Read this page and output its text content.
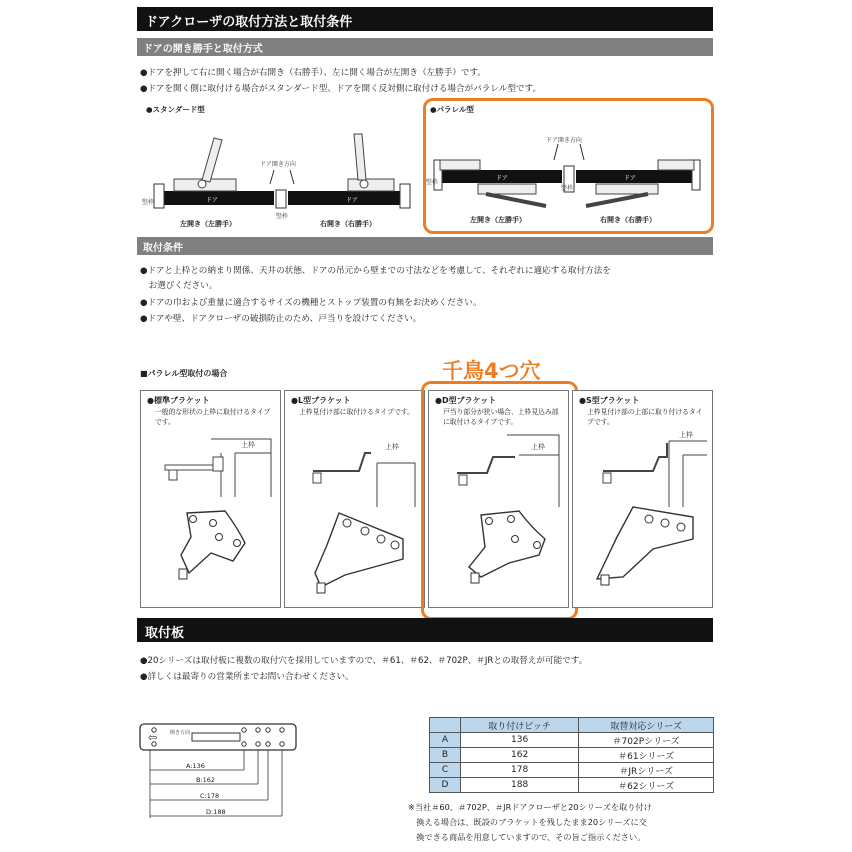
ドアクローザの取付方法と取付条件
ドアの開き勝手と取付方式
●ドアを押して右に開く場合が右開き（右勝手）、左に開く場合が左開き（左勝手）です。
●ドアを開く側に取付ける場合がスタンダード型、ドアを開く反対側に取付ける場合がパラレル型です。
●スタンダード型
ドア開き方向
ドア	ドア
竪枠
竪枠
左開き（左勝手）	右開き（右勝手）
●パラレル型
ドア開き方向
ドア	ドア
竪枠
竪枠
左開き（左勝手）	右開き（右勝手）
取付条件
●ドアと上枠との納まり関係、天井の状態、ドアの吊元から壁までの寸法などを考慮して、それぞれに適応する取付方法を
　お選びください。
●ドアの巾および重量に適合するサイズの機種とストップ装置の有無をお決めください。
●ドアや壁、ドアクローザの破損防止のため、戸当りを設けてください。
■パラレル型取付の場合	千鳥4つ穴
●標準ブラケット
一般的な形状の上枠に取付けるタイプです。
上枠
●L型ブラケット
上枠見付け部に取付けるタイプです。
上枠
●D型ブラケット
戸当り部分が狭い場合、上枠見込み部に取付けるタイプです。
上枠
●S型ブラケット
上枠見付け部の上部に取り付けるタイプです。
上枠
取付板
●20シリーズは取付板に複数の取付穴を採用していますので、＃61、＃62、＃702P、＃JRとの取替えが可能です。
●詳しくは最寄りの営業所までお問い合わせください。
⇦	開き方向
A:136
B:162
C:178
D:188
	取り付けピッチ	取替対応シリーズ
A	136	＃702Pシリーズ
B	162	＃61シリーズ
C	178	＃JRシリーズ
D	188	＃62シリーズ
※当社＃60、＃702P、＃JRドアクローザと20シリーズを取り付け
　換える場合は、既設のブラケットを残したまま20シリーズに交
　換できる商品を用意していますので、その旨ご指示ください。
